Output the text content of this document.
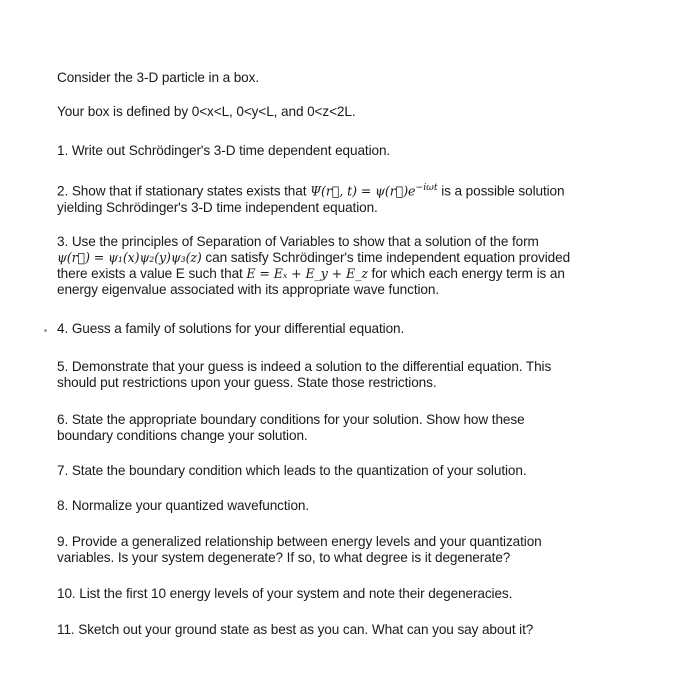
Consider the 3-D particle in a box.
Your box is defined by 0<x<L, 0<y<L, and 0<z<2L.
1. Write out Schrödinger's 3-D time dependent equation.
2. Show that if stationary states exists that Ψ(r⃗, $t) = \psi(r⃗)e^{-i\omega t}$ is a possible solution
yielding Schrödinger's 3-D time independent equation.
3. Use the principles of Separation of Variables to show that a solution of the form
ψ(r⃗) = ψ₁(x)ψ₂(y)ψ₃(z) can satisfy Schrödinger's time independent equation provided
there exists a value E such that E = Eₓ + E_y + E_z for which each energy term is an
energy eigenvalue associated with its appropriate wave function.
4. Guess a family of solutions for your differential equation.
5. Demonstrate that your guess is indeed a solution to the differential equation. This
should put restrictions upon your guess. State those restrictions.
6. State the appropriate boundary conditions for your solution. Show how these
boundary conditions change your solution.
7. State the boundary condition which leads to the quantization of your solution.
8. Normalize your quantized wavefunction.
9. Provide a generalized relationship between energy levels and your quantization
variables. Is your system degenerate? If so, to what degree is it degenerate?
10. List the first 10 energy levels of your system and note their degeneracies.
11. Sketch out your ground state as best as you can. What can you say about it?
